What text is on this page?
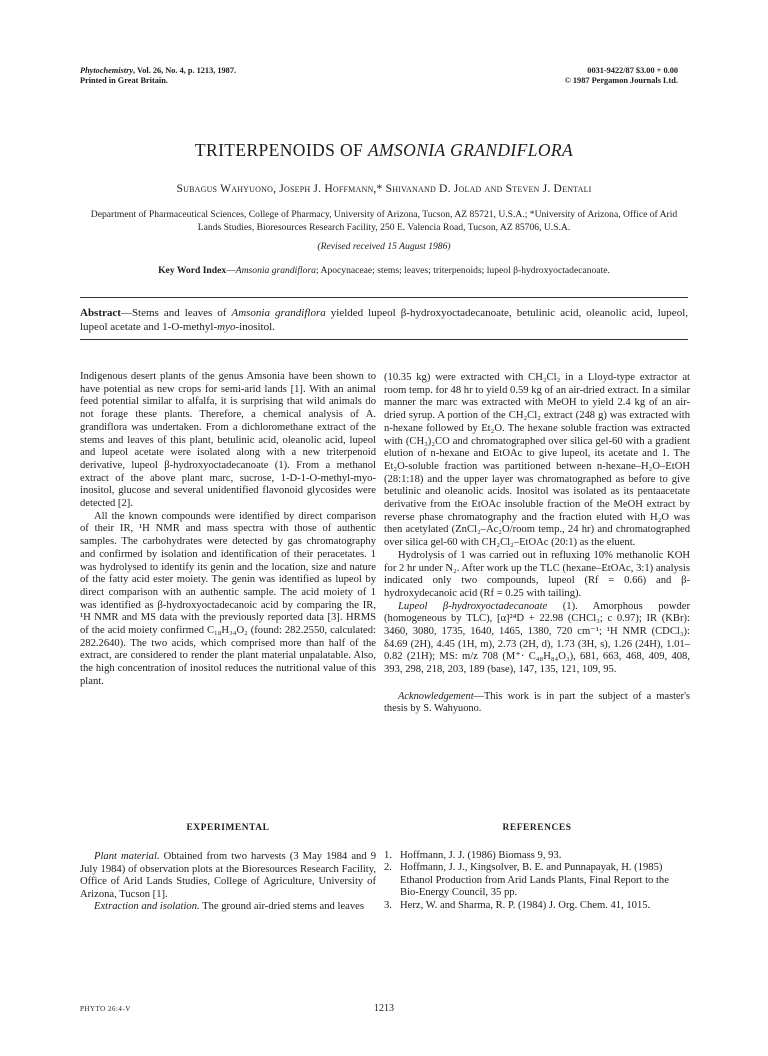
Phytochemistry, Vol. 26, No. 4, p. 1213, 1987.
Printed in Great Britain.
0031-9422/87 $3.00 + 0.00
© 1987 Pergamon Journals Ltd.
TRITERPENOIDS OF AMSONIA GRANDIFLORA
Subagus Wahyuono, Joseph J. Hoffmann,* Shivanand D. Jolad and Steven J. Dentali
Department of Pharmaceutical Sciences, College of Pharmacy, University of Arizona, Tucson, AZ 85721, U.S.A.; *University of Arizona, Office of Arid Lands Studies, Bioresources Research Facility, 250 E. Valencia Road, Tucson, AZ 85706, U.S.A.
(Revised received 15 August 1986)
Key Word Index—Amsonia grandiflora; Apocynaceae; stems; leaves; triterpenoids; lupeol β-hydroxyoctadecanoate.
Abstract—Stems and leaves of Amsonia grandiflora yielded lupeol β-hydroxyoctadecanoate, betulinic acid, oleanolic acid, lupeol, lupeol acetate and 1-O-methyl-myo-inositol.

Indigenous desert plants of the genus Amsonia have been shown to have potential as new crops for semi-arid lands [1]. With an animal feed potential similar to alfalfa, it is surprising that wild animals do not forage these plants. Therefore, a chemical analysis of A. grandiflora was undertaken. From a dichloromethane extract of the stems and leaves of this plant, betulinic acid, oleanolic acid, lupeol and lupeol acetate were isolated along with a new triterpenoid derivative, lupeol β-hydroxyoctadecanoate (1). From a methanol extract of the above plant marc, sucrose, 1-D-1-O-methyl-myo-inositol, glucose and several unidentified flavonoid glycosides were detected [2].

All the known compounds were identified by direct comparison of their IR, ¹H NMR and mass spectra with those of authentic samples. The carbohydrates were detected by gas chromatography and confirmed by isolation and identification of their peracetates. 1 was hydrolysed to identify its genin and the location, size and nature of the fatty acid ester moiety. The genin was identified as lupeol by direct comparison with an authentic sample. The acid moiety of 1 was identified as β-hydroxyoctadecanoic acid by comparing the IR, ¹H NMR and MS data with the previously reported data [3]. HRMS of the acid moiety confirmed C₁₈H₃₄O₂ (found: 282.2550, calculated: 282.2640). The two acids, which comprised more than half of the extract, are considered to render the plant material unpalatable. Also, the high concentration of inositol reduces the nutritional value of this plant.

(10.35 kg) were extracted with CH₂Cl₂ in a Lloyd-type extractor at room temp. for 48 hr to yield 0.59 kg of an air-dried extract. In a similar manner the marc was extracted with MeOH to yield 2.4 kg of an air-dried syrup. A portion of the CH₂Cl₂ extract (248 g) was extracted with n-hexane followed by Et₂O. The hexane soluble fraction was extracted with (CH₃)₂CO and chromatographed over silica gel-60 with a gradient elution of n-hexane and EtOAc to give lupeol, its acetate and 1. The Et₂O-soluble fraction was partitioned between n-hexane–H₂O–EtOH (28:1:18) and the upper layer was chromatographed as before to give betulinic and oleanolic acids. Inositol was isolated as its pentaacetate derivative from the EtOAc insoluble fraction of the MeOH extract by reverse phase chromatography and the fraction eluted with H₂O was then acetylated (ZnCl₂–Ac₂O/room temp., 24 hr) and chromatographed over silica gel-60 with CH₂Cl₂–EtOAc (20:1) as the eluent.

Hydrolysis of 1 was carried out in refluxing 10% methanolic KOH for 2 hr under N₂. After work up the TLC (hexane–EtOAc, 3:1) analysis indicated only two compounds, lupeol (Rf = 0.66) and β-hydroxydecanoic acid (Rf = 0.25 with tailing).

Lupeol β-hydroxyoctadecanoate (1). Amorphous powder (homogeneous by TLC), [α]²⁴D + 22.98 (CHCl₃; c 0.97); IR (KBr): 3460, 3080, 1735, 1640, 1465, 1380, 720 cm⁻¹; ¹H NMR (CDCl₃): δ4.69 (2H), 4.45 (1H, m), 2.73 (2H, d), 1.73 (3H, s), 1.26 (24H), 1.01–0.82 (21H); MS: m/z 708 (M⁺· C₄₈H₈₄O₃), 681, 663, 468, 409, 408, 393, 298, 218, 203, 189 (base), 147, 135, 121, 109, 95.

Acknowledgement—This work is in part the subject of a master's thesis by S. Wahyuono.

EXPERIMENTAL	REFERENCES

Plant material. Obtained from two harvests (3 May 1984 and 9 July 1984) of observation plots at the Bioresources Research Facility, Office of Arid Lands Studies, College of Agriculture, University of Arizona, Tucson [1].

Extraction and isolation. The ground air-dried stems and leaves

1. Hoffmann, J. J. (1986) Biomass 9, 93.
2. Hoffmann, J. J., Kingsolver, B. E. and Punnapayak, H. (1985) Ethanol Production from Arid Lands Plants, Final Report to the Bio-Energy Council, 35 pp.
3. Herz, W. and Sharma, R. P. (1984) J. Org. Chem. 41, 1015.
PHYTO 26:4-V	1213
